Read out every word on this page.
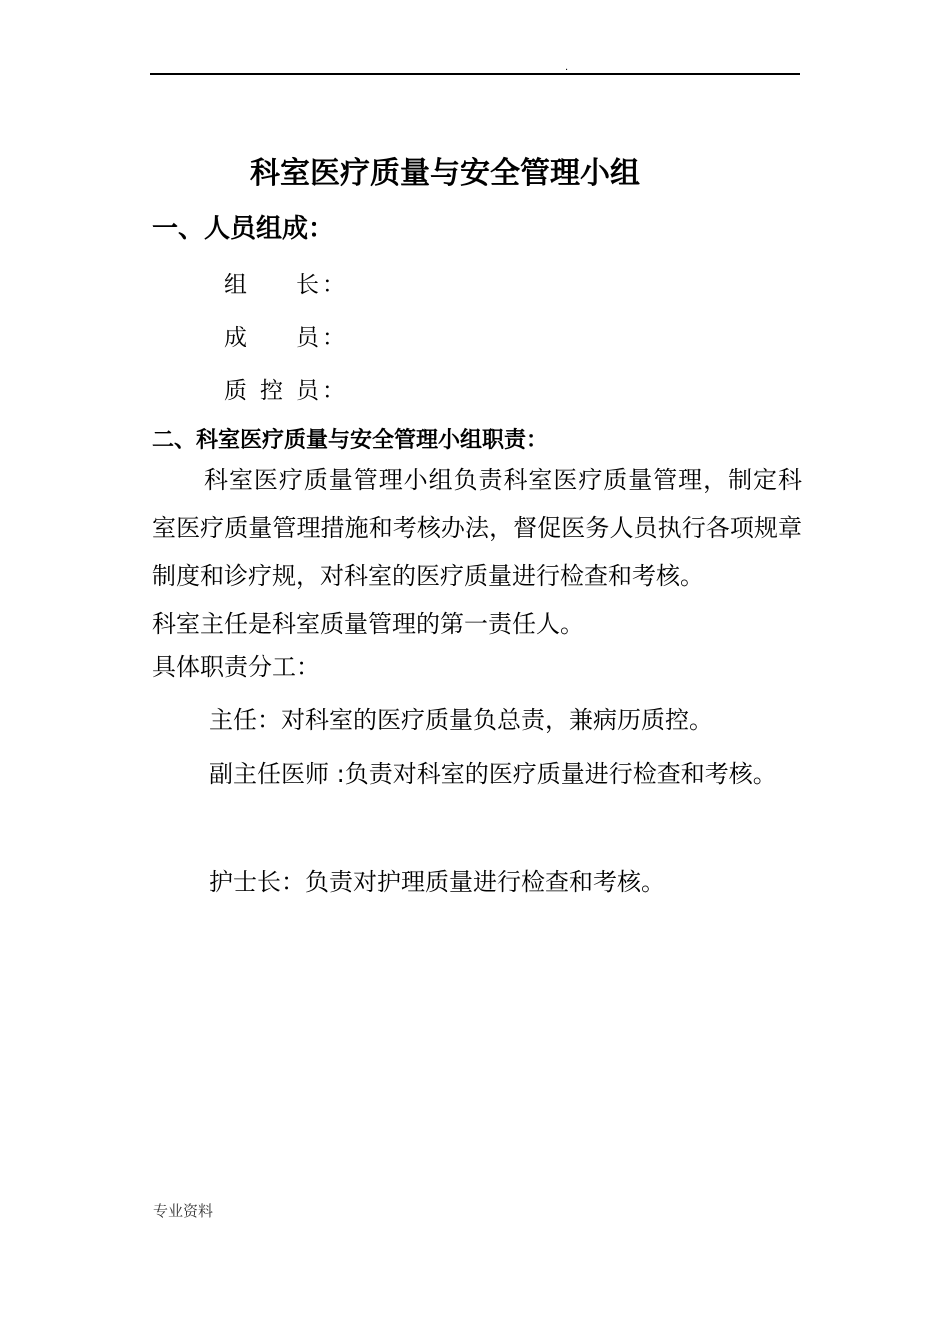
.
科室医疗质量与安全管理小组
一、人员组成：
组 长 ：
成 员 ：
质 控 员 ：
二、科室医疗质量与安全管理小组职责：

科室医疗质量管理小组负责科室医疗质量管理，制定科室医疗质量管理措施和考核办法，督促医务人员执行各项规章制度和诊疗规，对科室的医疗质量进行检查和考核。

科室主任是科室质量管理的第一责任人。
具体职责分工：

主任：对科室的医疗质量负总责，兼病历质控。

副主任医师 :负责对科室的医疗质量进行检查和考核。

护士长：负责对护理质量进行检查和考核。

专业资料
